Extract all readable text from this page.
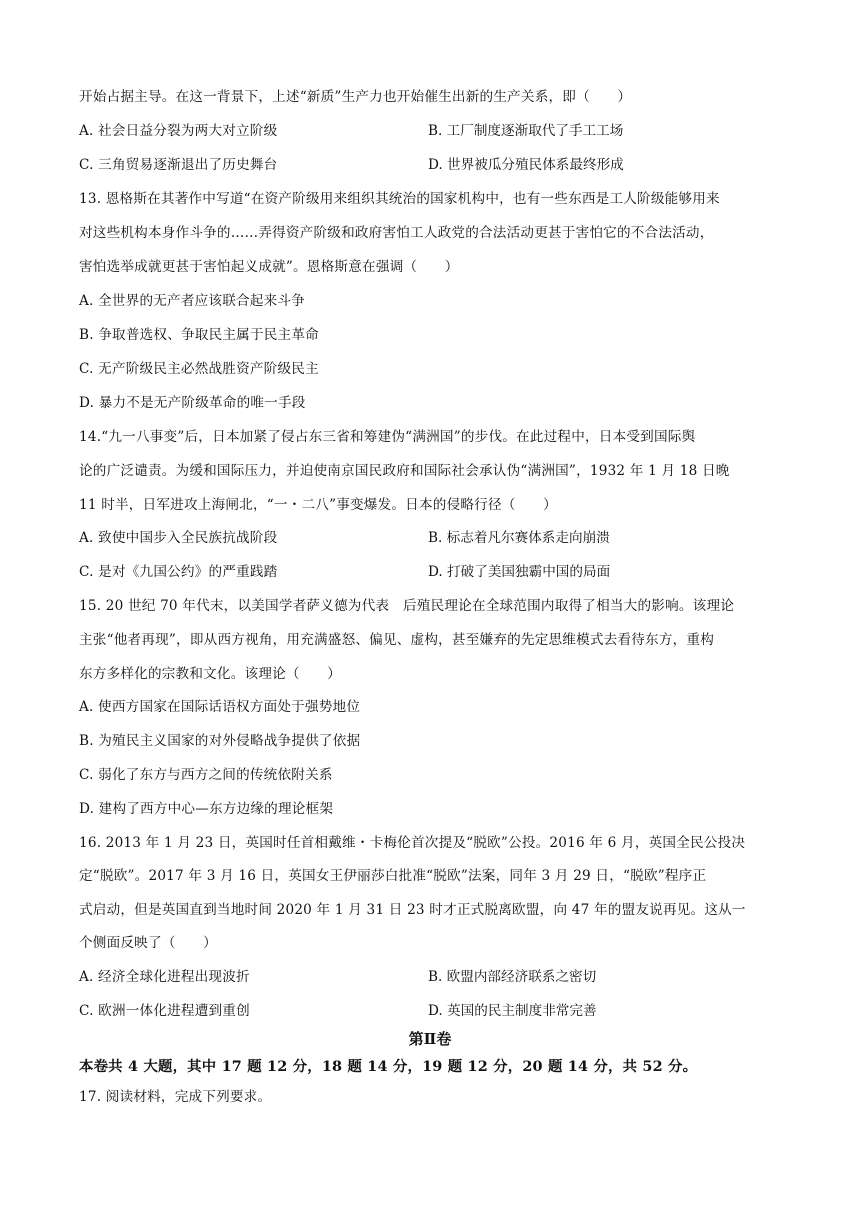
开始占据主导。在这一背景下，上述“新质”生产力也开始催生出新的生产关系，即（　　）
A. 社会日益分裂为两大对立阶级	B. 工厂制度逐渐取代了手工工场
C. 三角贸易逐渐退出了历史舞台	D. 世界被瓜分殖民体系最终形成
13. 恩格斯在其著作中写道“在资产阶级用来组织其统治的国家机构中，也有一些东西是工人阶级能够用来
对这些机构本身作斗争的……弄得资产阶级和政府害怕工人政党的合法活动更甚于害怕它的不合法活动，
害怕选举成就更甚于害怕起义成就”。恩格斯意在强调（　　）
A. 全世界的无产者应该联合起来斗争
B. 争取普选权、争取民主属于民主革命
C. 无产阶级民主必然战胜资产阶级民主
D. 暴力不是无产阶级革命的唯一手段
14.“九一八事变”后，日本加紧了侵占东三省和筹建伪“满洲国”的步伐。在此过程中，日本受到国际舆
论的广泛谴责。为缓和国际压力，并迫使南京国民政府和国际社会承认伪“满洲国”，1932 年 1 月 18 日晚
11 时半，日军进攻上海闸北，“一・二八”事变爆发。日本的侵略行径（　　）
A. 致使中国步入全民族抗战阶段	B. 标志着凡尔赛体系走向崩溃
C. 是对《九国公约》的严重践踏	D. 打破了美国独霸中国的局面
15. 20 世纪 70 年代末，以美国学者萨义德为代表　后殖民理论在全球范围内取得了相当大的影响。该理论
主张“他者再现”，即从西方视角，用充满盛怒、偏见、虚构，甚至嫌弃的先定思维模式去看待东方，重构
东方多样化的宗教和文化。该理论（　　）
A. 使西方国家在国际话语权方面处于强势地位
B. 为殖民主义国家的对外侵略战争提供了依据
C. 弱化了东方与西方之间的传统依附关系
D. 建构了西方中心—东方边缘的理论框架
16. 2013 年 1 月 23 日，英国时任首相戴维・卡梅伦首次提及“脱欧”公投。2016 年 6 月，英国全民公投决
定“脱欧”。2017 年 3 月 16 日，英国女王伊丽莎白批准“脱欧”法案，同年 3 月 29 日，“脱欧”程序正
式启动，但是英国直到当地时间 2020 年 1 月 31 日 23 时才正式脱离欧盟，向 47 年的盟友说再见。这从一
个侧面反映了（　　）
A. 经济全球化进程出现波折	B. 欧盟内部经济联系之密切
C. 欧洲一体化进程遭到重创	D. 英国的民主制度非常完善
第Ⅱ卷
本卷共 4 大题，其中 17 题 12 分，18 题 14 分，19 题 12 分，20 题 14 分，共 52 分。
17. 阅读材料，完成下列要求。
